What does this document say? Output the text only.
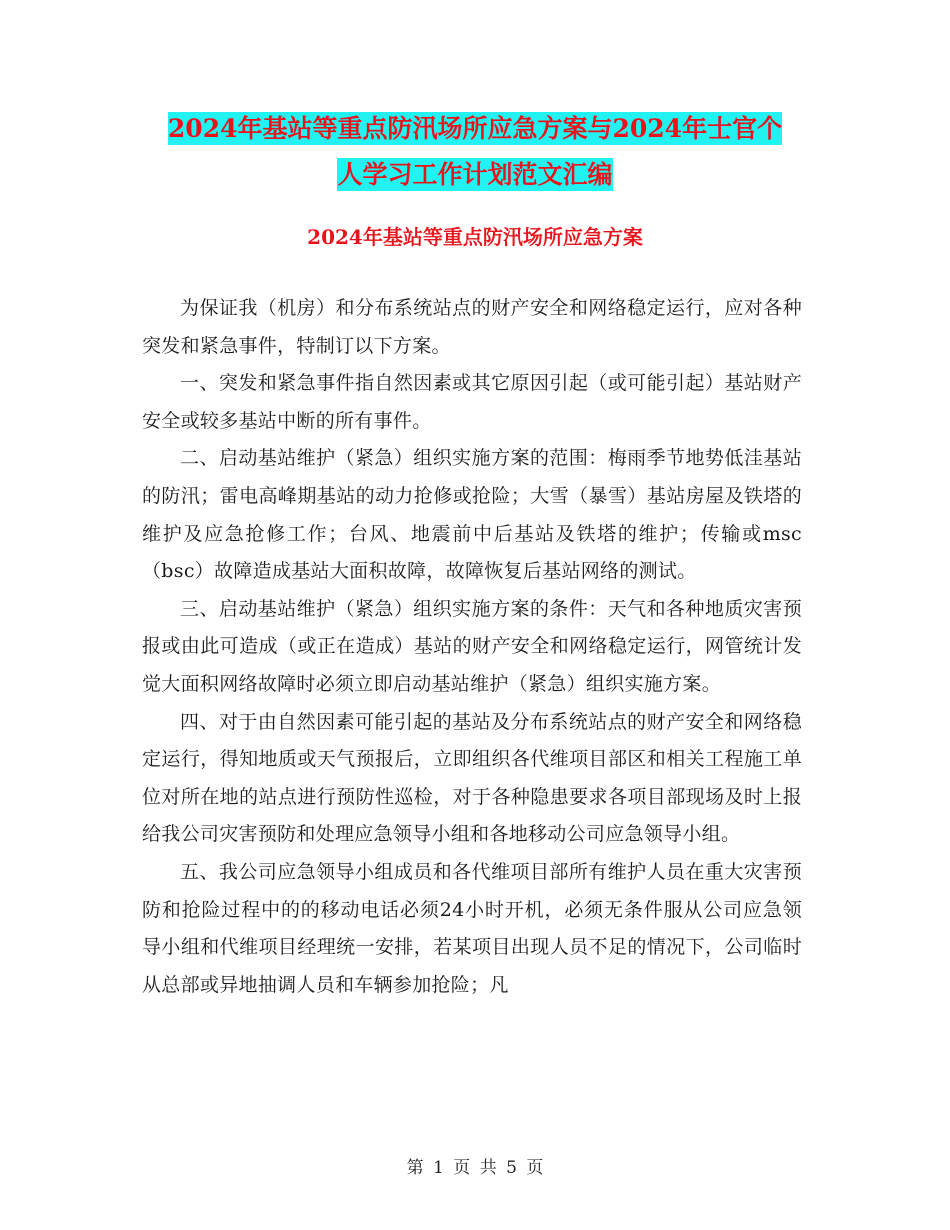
2024年基站等重点防汛场所应急方案与2024年士官个
人学习工作计划范文汇编
2024年基站等重点防汛场所应急方案

为保证我（机房）和分布系统站点的财产安全和网络稳定运行，应对各种突发和紧急事件，特制订以下方案。

一、突发和紧急事件指自然因素或其它原因引起（或可能引起）基站财产安全或较多基站中断的所有事件。

二、启动基站维护（紧急）组织实施方案的范围：梅雨季节地势低洼基站的防汛；雷电高峰期基站的动力抢修或抢险；大雪（暴雪）基站房屋及铁塔的维护及应急抢修工作；台风、地震前中后基站及铁塔的维护；传输或msc（bsc）故障造成基站大面积故障，故障恢复后基站网络的测试。

三、启动基站维护（紧急）组织实施方案的条件：天气和各种地质灾害预报或由此可造成（或正在造成）基站的财产安全和网络稳定运行，网管统计发觉大面积网络故障时必须立即启动基站维护（紧急）组织实施方案。

四、对于由自然因素可能引起的基站及分布系统站点的财产安全和网络稳定运行，得知地质或天气预报后，立即组织各代维项目部区和相关工程施工单位对所在地的站点进行预防性巡检，对于各种隐患要求各项目部现场及时上报给我公司灾害预防和处理应急领导小组和各地移动公司应急领导小组。

五、我公司应急领导小组成员和各代维项目部所有维护人员在重大灾害预防和抢险过程中的的移动电话必须24小时开机，必须无条件服从公司应急领导小组和代维项目经理统一安排，若某项目出现人员不足的情况下，公司临时从总部或异地抽调人员和车辆参加抢险；凡

第 1 页 共 5 页
